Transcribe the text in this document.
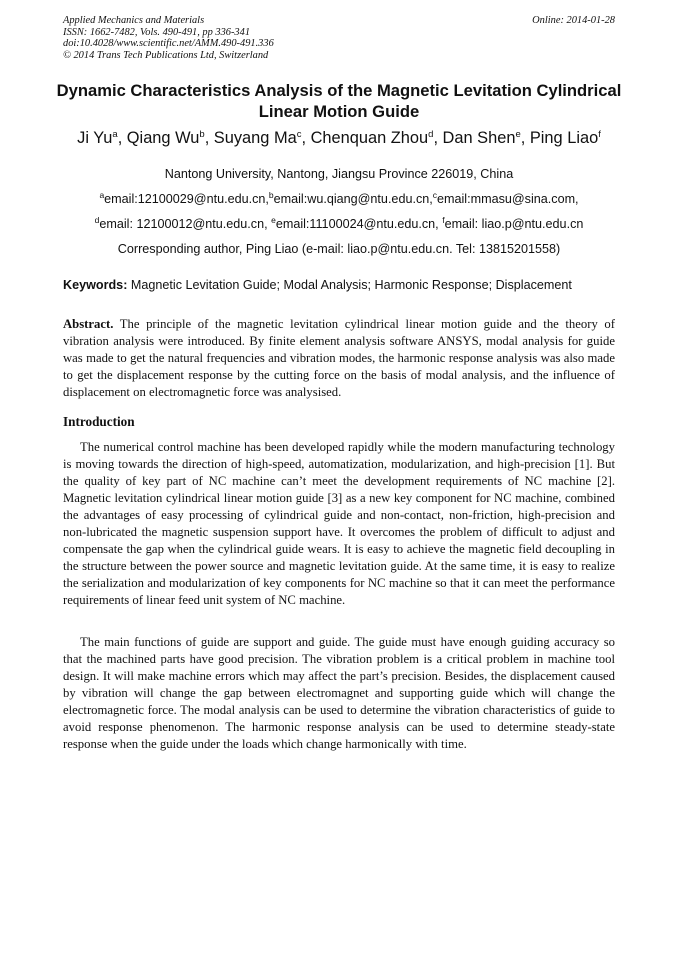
Applied Mechanics and Materials
ISSN: 1662-7482, Vols. 490-491, pp 336-341
doi:10.4028/www.scientific.net/AMM.490-491.336
© 2014 Trans Tech Publications Ltd, Switzerland
Online: 2014-01-28
Dynamic Characteristics Analysis of the Magnetic Levitation Cylindrical
Linear Motion Guide
Ji Yu$^a$, Qiang Wu$^b$, Suyang Ma$^c$, Chenquan Zhou$^d$, Dan Shen$^e$, Ping Liao$^f$
Nantong University, Nantong, Jiangsu Province 226019, China
$^a$email:12100029@ntu.edu.cn,$^b$email:wu.qiang@ntu.edu.cn,$^c$email:mmasu@sina.com,
$^d$email: 12100012@ntu.edu.cn, $^e$email:11100024@ntu.edu.cn, $^f$email: liao.p@ntu.edu.cn
Corresponding author, Ping Liao (e-mail: liao.p@ntu.edu.cn. Tel: 13815201558)
Keywords: Magnetic Levitation Guide; Modal Analysis; Harmonic Response; Displacement

Abstract. The principle of the magnetic levitation cylindrical linear motion guide and the theory of vibration analysis were introduced. By finite element analysis software ANSYS, modal analysis for guide was made to get the natural frequencies and vibration modes, the harmonic response analysis was also made to get the displacement response by the cutting force on the basis of modal analysis, and the influence of displacement on electromagnetic force was analysised.

Introduction

The numerical control machine has been developed rapidly while the modern manufacturing technology is moving towards the direction of high-speed, automatization, modularization, and high-precision [1]. But the quality of key part of NC machine can’t meet the development requirements of NC machine [2]. Magnetic levitation cylindrical linear motion guide [3] as a new key component for NC machine, combined the advantages of easy processing of cylindrical guide and non-contact, non-friction, high-precision and non-lubricated the magnetic suspension support have. It overcomes the problem of difficult to adjust and compensate the gap when the cylindrical guide wears. It is easy to achieve the magnetic field decoupling in the structure between the power source and magnetic levitation guide. At the same time, it is easy to realize the serialization and modularization of key components for NC machine so that it can meet the performance requirements of linear feed unit system of NC machine.

The main functions of guide are support and guide. The guide must have enough guiding accuracy so that the machined parts have good precision. The vibration problem is a critical problem in machine tool design. It will make machine errors which may affect the part’s precision. Besides, the displacement caused by vibration will change the gap between electromagnet and supporting guide which will change the electromagnetic force. The modal analysis can be used to determine the vibration characteristics of guide to avoid response phenomenon. The harmonic response analysis can be used to determine steady-state response when the guide under the loads which change harmonically with time.
